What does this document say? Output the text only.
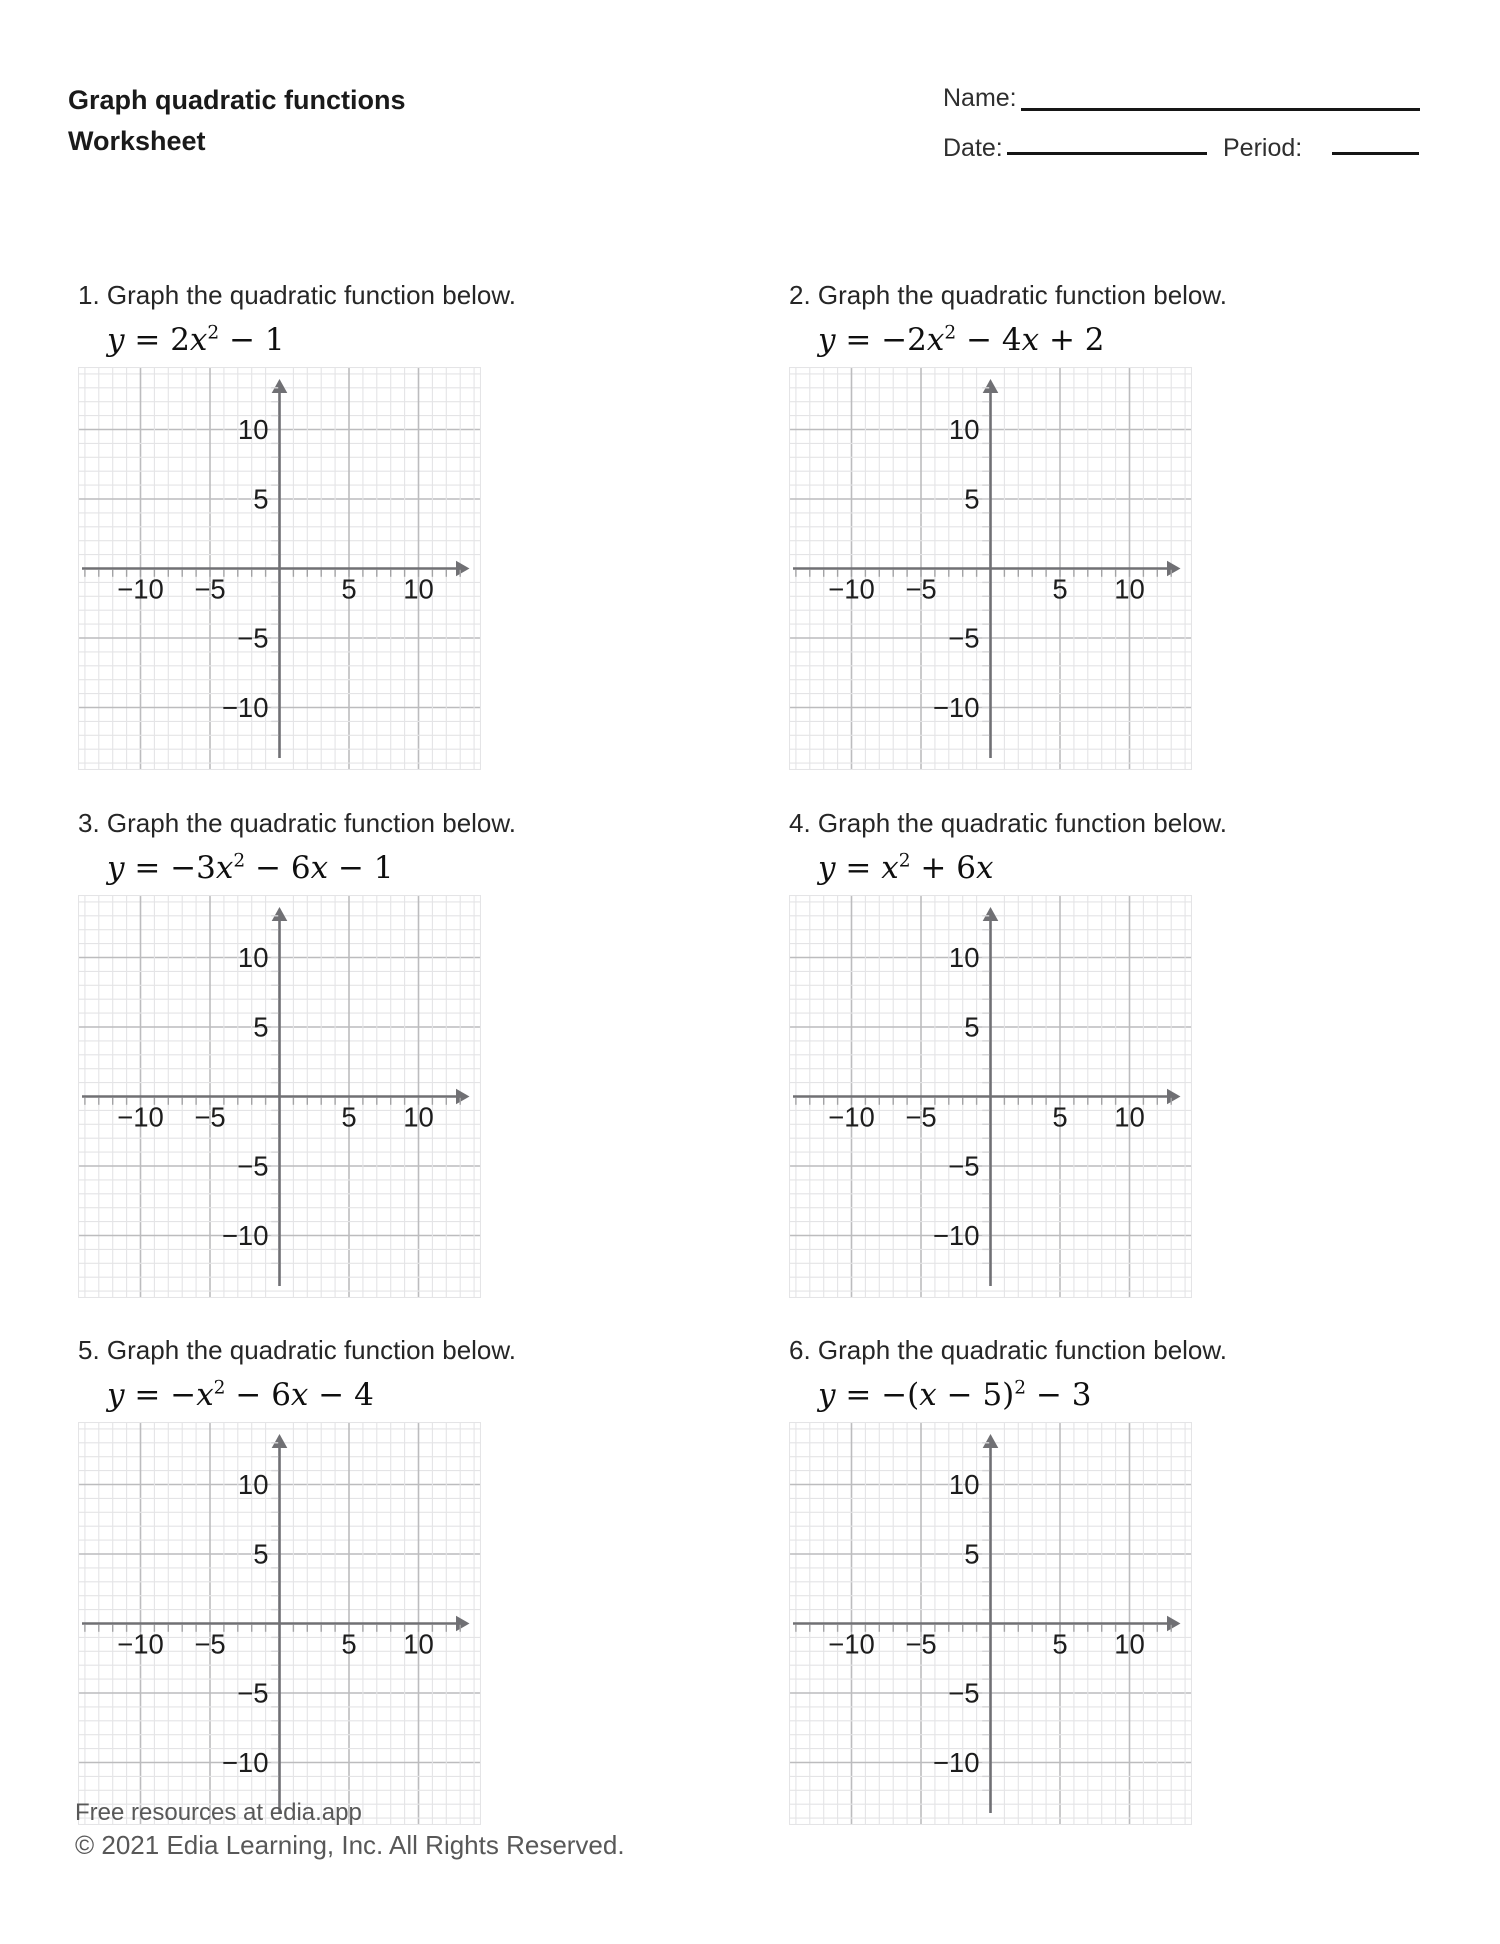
Graph quadratic functions
Worksheet
Name:
Date:	Period:
1. Graph the quadratic function below.
$y = 2x^2 - 1$
−10 −5	5 10
10
5
−5
−10
2. Graph the quadratic function below.
$y = -2x^2 - 4x + 2$
−10 −5	5 10
10
5
−5
−10
3. Graph the quadratic function below.
$y = -3x^2 - 6x - 1$
−10 −5	5 10
10
5
−5
−10
4. Graph the quadratic function below.
$y = x^2 + 6x$
−10 −5	5 10
10
5
−5
−10
5. Graph the quadratic function below.
$y = -x^2 - 6x - 4$
−10 −5	5 10
10
5
−5
−10
6. Graph the quadratic function below.
$y = -(x - 5)^2 - 3$
−10 −5	5 10
10
5
−5
−10
Free resources at edia.app
© 2021 Edia Learning, Inc. All Rights Reserved.
